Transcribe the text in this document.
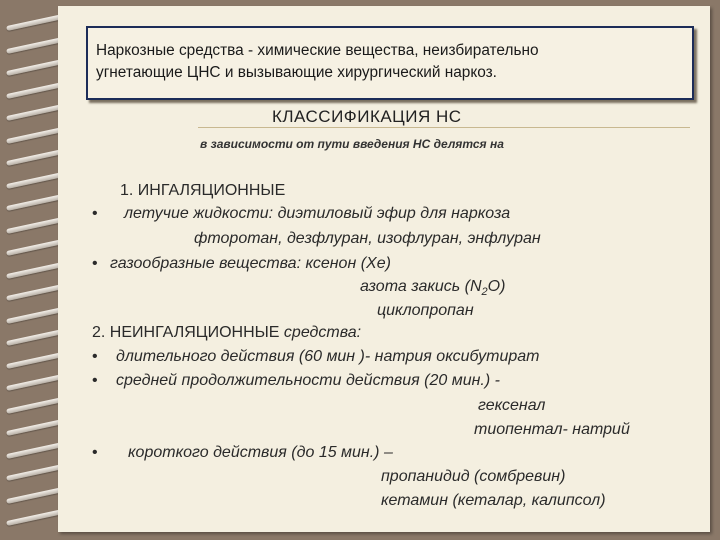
Наркозные средства - химические вещества, неизбирательно
угнетающие ЦНС и вызывающие хирургический наркоз.
КЛАССИФИКАЦИЯ НС
в зависимости от пути введения НС делятся на
1. ИНГАЛЯЦИОННЫЕ
• летучие жидкости: диэтиловый эфир для наркоза
фторотан, дезфлуран, изофлуран, энфлуран
• газообразные вещества: ксенон (Хе)
азота закись $(N_2O)$
циклопропан
2. НЕИНГАЛЯЦИОННЫЕ средства:
• длительного действия (60 мин )- натрия оксибутират
• средней продолжительности действия (20 мин.) -
гексенал
тиопентал- натрий
• короткого действия (до 15 мин.) –
пропанидид (сомбревин)
кетамин (кеталар, калипсол)
